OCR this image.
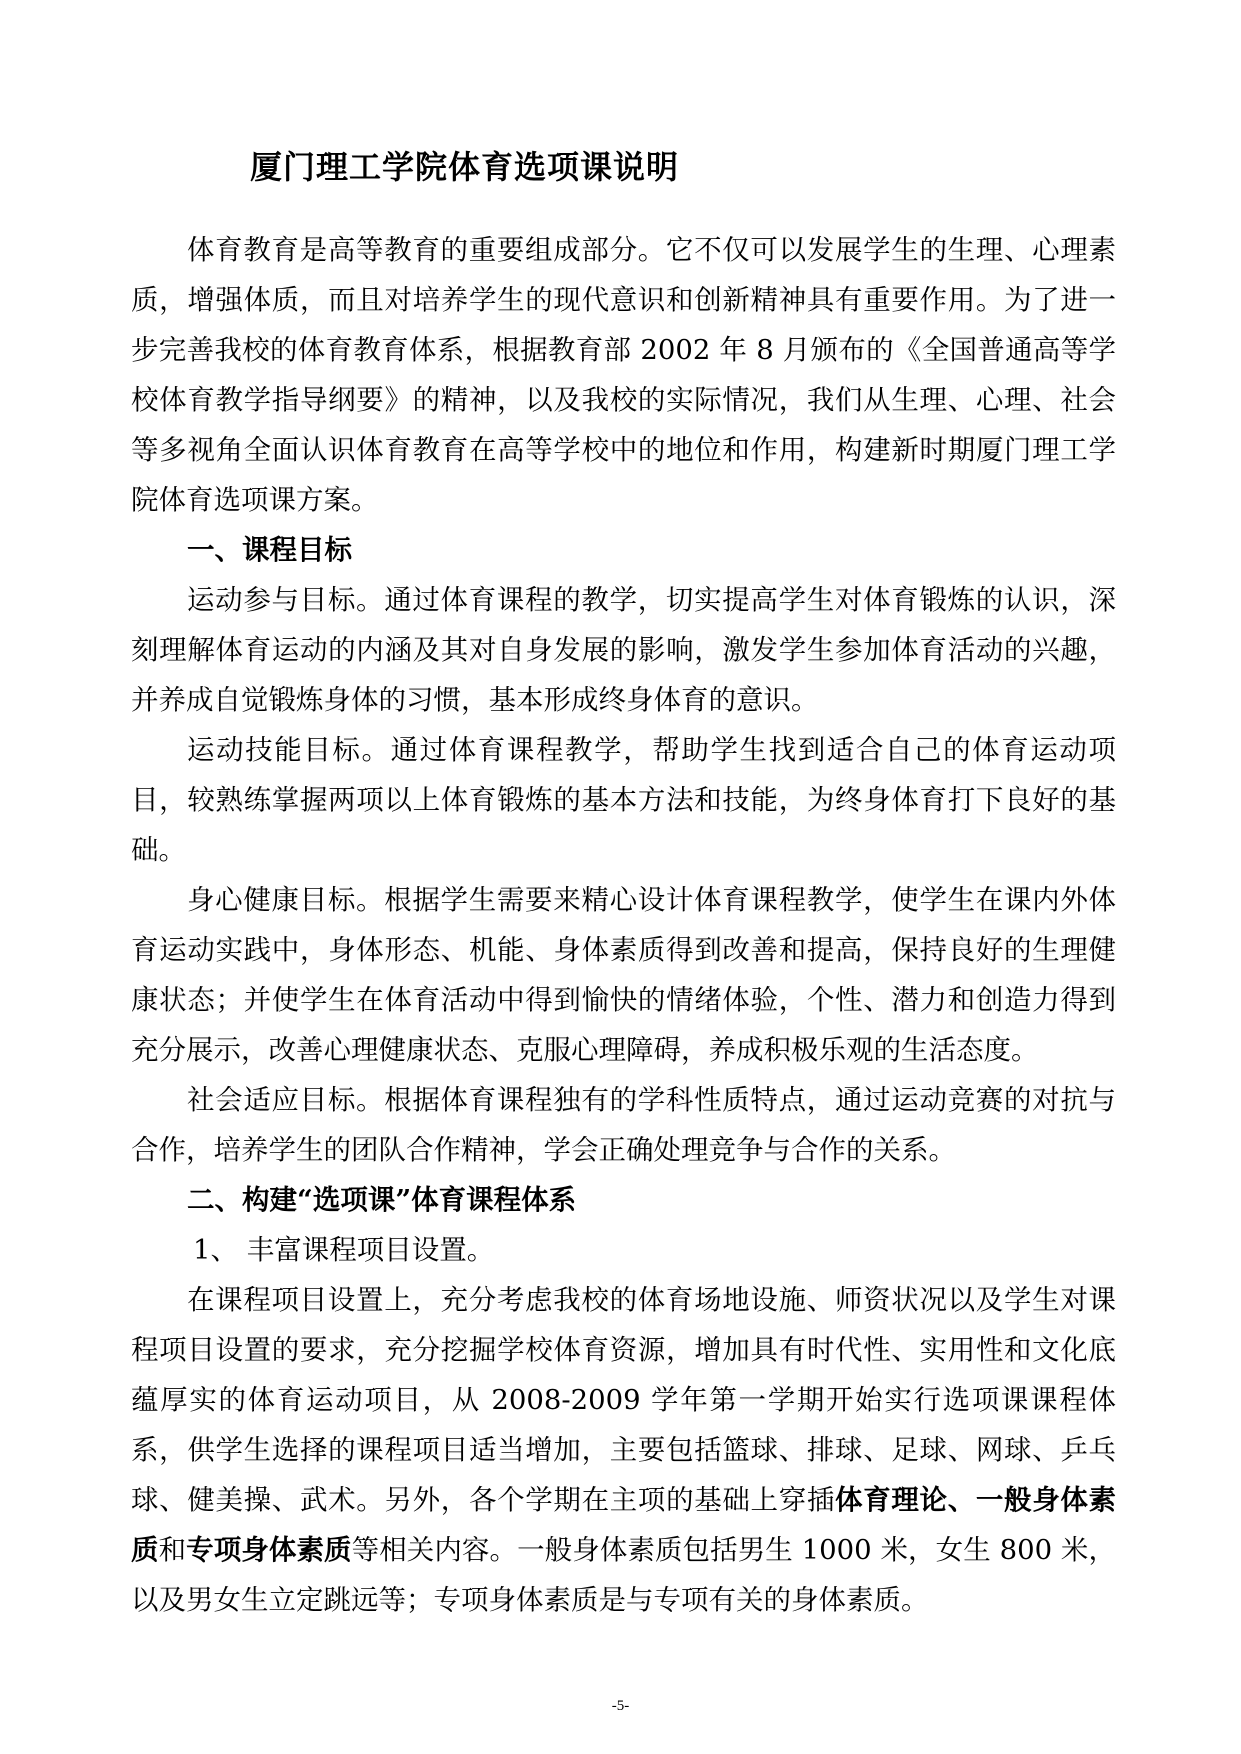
厦门理工学院体育选项课说明

体育教育是高等教育的重要组成部分。它不仅可以发展学生的生理、心理素质，增强体质，而且对培养学生的现代意识和创新精神具有重要作用。为了进一步完善我校的体育教育体系，根据教育部 2002 年 8 月颁布的《全国普通高等学校体育教学指导纲要》的精神，以及我校的实际情况，我们从生理、心理、社会等多视角全面认识体育教育在高等学校中的地位和作用，构建新时期厦门理工学院体育选项课方案。

一、课程目标

运动参与目标。通过体育课程的教学，切实提高学生对体育锻炼的认识，深刻理解体育运动的内涵及其对自身发展的影响，激发学生参加体育活动的兴趣，并养成自觉锻炼身体的习惯，基本形成终身体育的意识。

运动技能目标。通过体育课程教学，帮助学生找到适合自己的体育运动项目，较熟练掌握两项以上体育锻炼的基本方法和技能，为终身体育打下良好的基础。

身心健康目标。根据学生需要来精心设计体育课程教学，使学生在课内外体育运动实践中，身体形态、机能、身体素质得到改善和提高，保持良好的生理健康状态；并使学生在体育活动中得到愉快的情绪体验，个性、潜力和创造力得到充分展示，改善心理健康状态、克服心理障碍，养成积极乐观的生活态度。

社会适应目标。根据体育课程独有的学科性质特点，通过运动竞赛的对抗与合作，培养学生的团队合作精神，学会正确处理竞争与合作的关系。

二、构建“选项课”体育课程体系

1、 丰富课程项目设置。

在课程项目设置上，充分考虑我校的体育场地设施、师资状况以及学生对课程项目设置的要求，充分挖掘学校体育资源，增加具有时代性、实用性和文化底蕴厚实的体育运动项目，从 2008-2009 学年第一学期开始实行选项课课程体系，供学生选择的课程项目适当增加，主要包括篮球、排球、足球、网球、乒乓球、健美操、武术。另外，各个学期在主项的基础上穿插体育理论、一般身体素质和专项身体素质等相关内容。一般身体素质包括男生 1000 米，女生 800 米，以及男女生立定跳远等；专项身体素质是与专项有关的身体素质。

-5-
